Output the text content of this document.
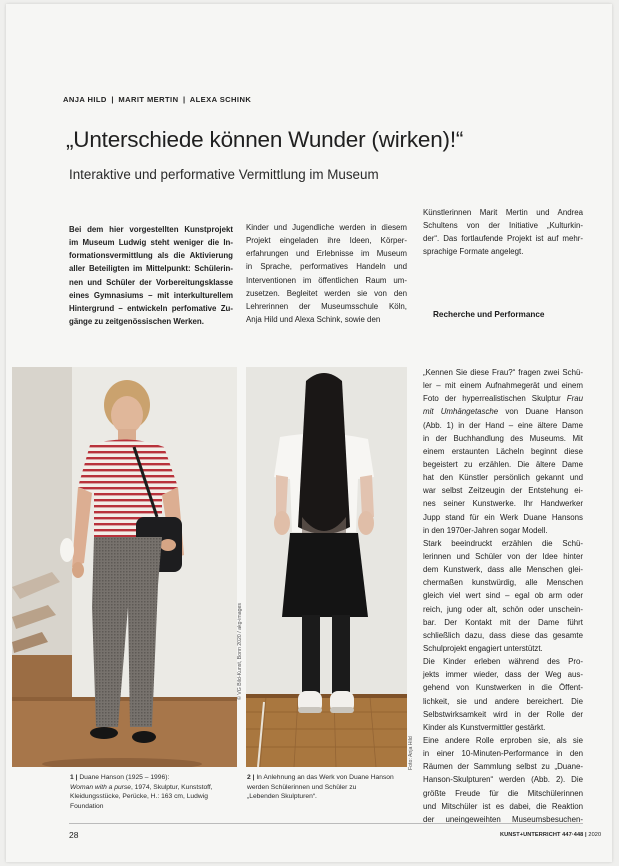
ANJA HILD | MARIT MERTIN | ALEXA SCHINK
„Unterschiede können Wunder (wirken)!“
Interaktive und performative Vermittlung im Museum
Bei dem hier vorgestellten Kunstprojekt
im Museum Ludwig steht weniger die In-
formationsvermittlung als die Aktivierung
aller Beteiligten im Mittelpunkt: Schülerin-
nen und Schüler der Vorbereitungsklasse
eines Gymnasiums – mit interkulturellem
Hintergrund – entwickeln perfomative Zu-
gänge zu zeitgenössischen Werken.
Kinder und Jugendliche werden in diesem
Projekt eingeladen ihre Ideen, Körper-
erfahrungen und Erlebnisse im Museum
in Sprache, performatives Handeln und
Interventionen im öffentlichen Raum um-
zusetzen. Begleitet werden sie von den
Lehrerinnen der Museumsschule Köln,
Anja Hild und Alexa Schink, sowie den
Künstlerinnen Marit Mertin und Andrea
Schultens von der Initiative „Kulturkin-
der“. Das fortlaufende Projekt ist auf mehr-
sprachige Formate angelegt.
Recherche und Performance
„Kennen Sie diese Frau?“ fragen zwei Schü-
ler – mit einem Aufnahmegerät und einem
Foto der hyperrealistischen Skulptur Frau
mit Umhängetasche von Duane Hanson
(Abb. 1) in der Hand – eine ältere Dame
in der Buchhandlung des Museums. Mit
einem erstaunten Lächeln beginnt diese
begeistert zu erzählen. Die ältere Dame
hat den Künstler persönlich gekannt und
war selbst Zeitzeugin der Entstehung ei-
nes seiner Kunstwerke. Ihr Handwerker
Jupp stand für ein Werk Duane Hansons
in den 1970er-Jahren sogar Modell.
Stark beeindruckt erzählen die Schü-
lerinnen und Schüler von der Idee hinter
dem Kunstwerk, dass alle Menschen glei-
chermaßen kunstwürdig, alle Menschen
gleich viel wert sind – egal ob arm oder
reich, jung oder alt, schön oder unschein-
bar. Der Kontakt mit der Dame führt
schließlich dazu, dass diese das gesamte
Schulprojekt engagiert unterstützt.
Die Kinder erleben während des Pro-
jekts immer wieder, dass der Weg aus-
gehend von Kunstwerken in die Öffent-
lichkeit, sie und andere bereichert. Die
Selbstwirksamkeit wird in der Rolle der
Kinder als Kunstvermittler gestärkt.
Eine andere Rolle erproben sie, als sie
in einer 10-Minuten-Performance in den
Räumen der Sammlung selbst zu „Duane-
Hanson-Skulpturen“ werden (Abb. 2). Die
größte Freude für die Mitschülerinnen
und Mitschüler ist es dabei, die Reaktion
der uneingeweihten Museumsbesuchen-
© VG Bild-Kunst, Bonn 2020 / akg-images
Foto: Anja Hild
1 | Duane Hanson (1925 – 1996):
Woman with a purse, 1974, Skulptur, Kunststoff,
Kleidungsstücke, Perücke, H.: 163 cm, Ludwig
Foundation
2 | In Anlehnung an das Werk von Duane Hanson
werden Schülerinnen und Schüler zu
„Lebenden Skulpturen“.
28	KUNST+UNTERRICHT 447·448 | 2020
